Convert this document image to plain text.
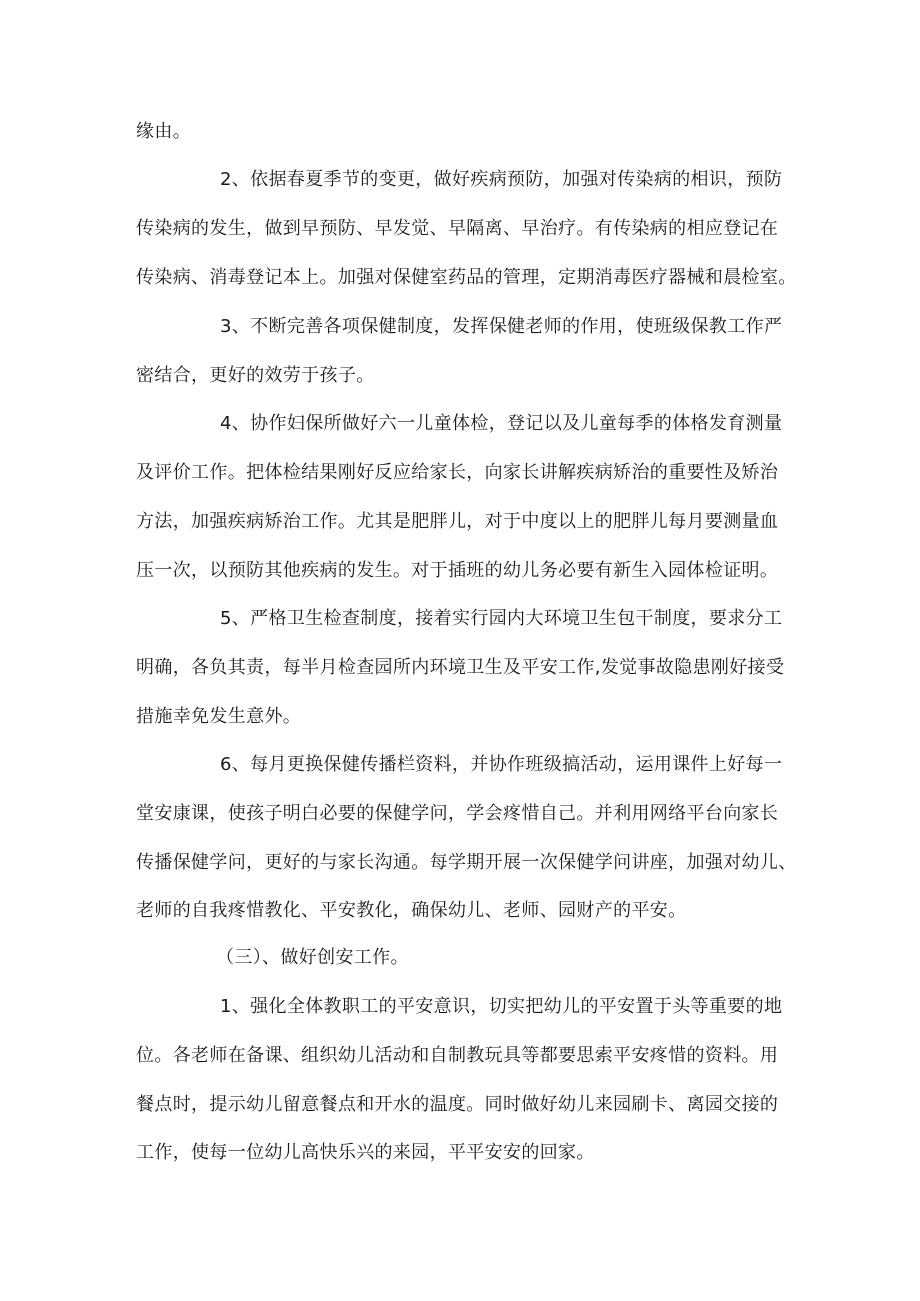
缘由。
2、依据春夏季节的变更，做好疾病预防，加强对传染病的相识，预防
传染病的发生，做到早预防、早发觉、早隔离、早治疗。有传染病的相应登记在
传染病、消毒登记本上。加强对保健室药品的管理，定期消毒医疗器械和晨检室。
3、不断完善各项保健制度，发挥保健老师的作用，使班级保教工作严
密结合，更好的效劳于孩子。
4、协作妇保所做好六一儿童体检，登记以及儿童每季的体格发育测量
及评价工作。把体检结果刚好反应给家长，向家长讲解疾病矫治的重要性及矫治
方法，加强疾病矫治工作。尤其是肥胖儿，对于中度以上的肥胖儿每月要测量血
压一次，以预防其他疾病的发生。对于插班的幼儿务必要有新生入园体检证明。
5、严格卫生检查制度，接着实行园内大环境卫生包干制度，要求分工
明确，各负其责，每半月检查园所内环境卫生及平安工作,发觉事故隐患刚好接受
措施幸免发生意外。
6、每月更换保健传播栏资料，并协作班级搞活动，运用课件上好每一
堂安康课，使孩子明白必要的保健学问，学会疼惜自己。并利用网络平台向家长
传播保健学问，更好的与家长沟通。每学期开展一次保健学问讲座，加强对幼儿、
老师的自我疼惜教化、平安教化，确保幼儿、老师、园财产的平安。
（三）、做好创安工作。
1、强化全体教职工的平安意识，切实把幼儿的平安置于头等重要的地
位。各老师在备课、组织幼儿活动和自制教玩具等都要思索平安疼惜的资料。用
餐点时，提示幼儿留意餐点和开水的温度。同时做好幼儿来园刷卡、离园交接的
工作，使每一位幼儿高快乐兴的来园，平平安安的回家。
